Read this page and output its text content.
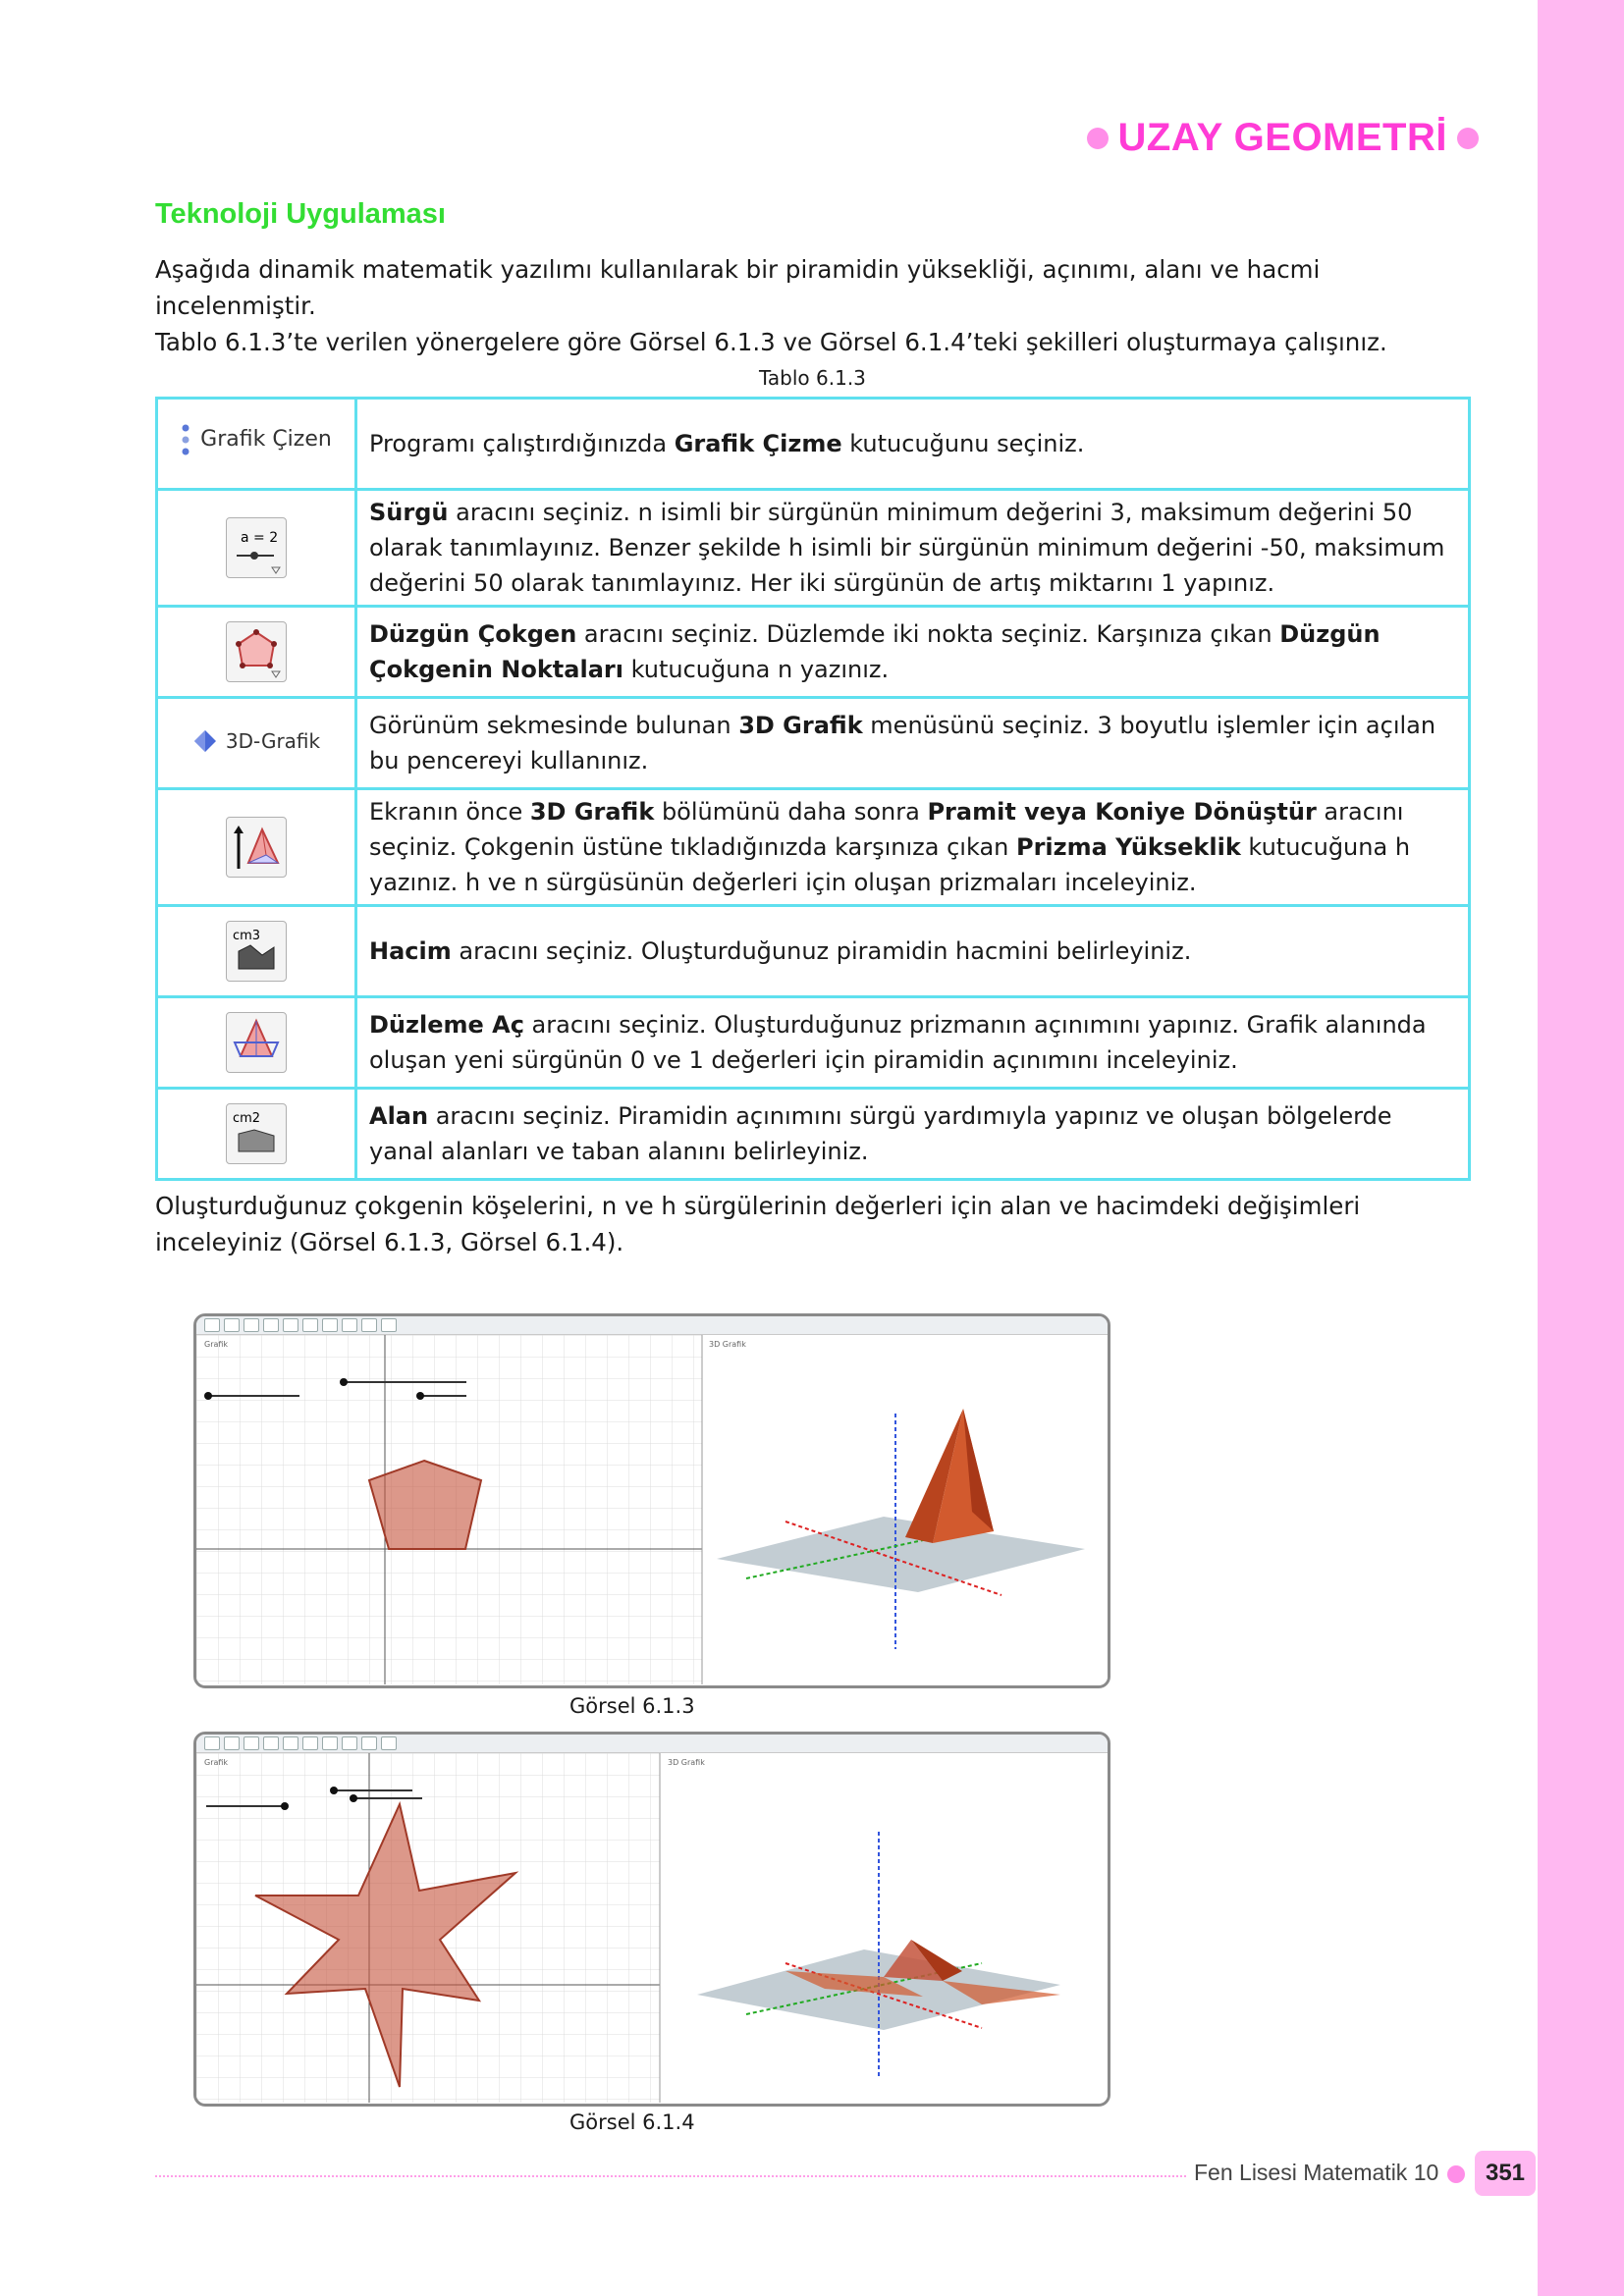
UZAY GEOMETRİ
Teknoloji Uygulaması

Aşağıda dinamik matematik yazılımı kullanılarak bir piramidin yüksekliği, açınımı, alanı ve hacmi incelenmiştir.

Tablo 6.1.3’te verilen yönergelere göre Görsel 6.1.3 ve Görsel 6.1.4’teki şekilleri oluşturmaya çalışınız.

Tablo 6.1.3
Grafik Çizen	Programı çalıştırdığınızda Grafik Çizme kutucuğunu seçiniz.

a = 2	Sürgü aracını seçiniz. n isimli bir sürgünün minimum değerini 3, maksimum değerini 50 olarak tanımlayınız. Benzer şekilde h isimli bir sürgünün minimum değerini -50, maksimum değerini 50 olarak tanımlayınız. Her iki sürgünün de artış miktarını 1 yapınız.

	Düzgün Çokgen aracını seçiniz. Düzlemde iki nokta seçiniz. Karşınıza çıkan Düzgün Çokgenin Noktaları kutucuğuna n yazınız.

3D-Grafik	Görünüm sekmesinde bulunan 3D Grafik menüsünü seçiniz. 3 boyutlu işlemler için açılan bu pencereyi kullanınız.

	Ekranın önce 3D Grafik bölümünü daha sonra Pramit veya Koniye Dönüştür aracını seçiniz. Çokgenin üstüne tıkladığınızda karşınıza çıkan Prizma Yükseklik kutucuğuna h yazınız. h ve n sürgüsünün değerleri için oluşan prizmaları inceleyiniz.

cm3	Hacim aracını seçiniz. Oluşturduğunuz piramidin hacmini belirleyiniz.

	Düzleme Aç aracını seçiniz. Oluşturduğunuz prizmanın açınımını yapınız. Grafik alanında oluşan yeni sürgünün 0 ve 1 değerleri için piramidin açınımını inceleyiniz.

cm2	Alan aracını seçiniz. Piramidin açınımını sürgü yardımıyla yapınız ve oluşan bölgelerde yanal alanları ve taban alanını belirleyiniz.
Oluşturduğunuz çokgenin köşelerini, n ve h sürgülerinin değerleri için alan ve hacimdeki değişimleri inceleyiniz (Görsel 6.1.3, Görsel 6.1.4).
Grafik	3D Grafik
Görsel 6.1.3
Grafik	3D Grafik
Görsel 6.1.4
Fen Lisesi Matematik 10	351
